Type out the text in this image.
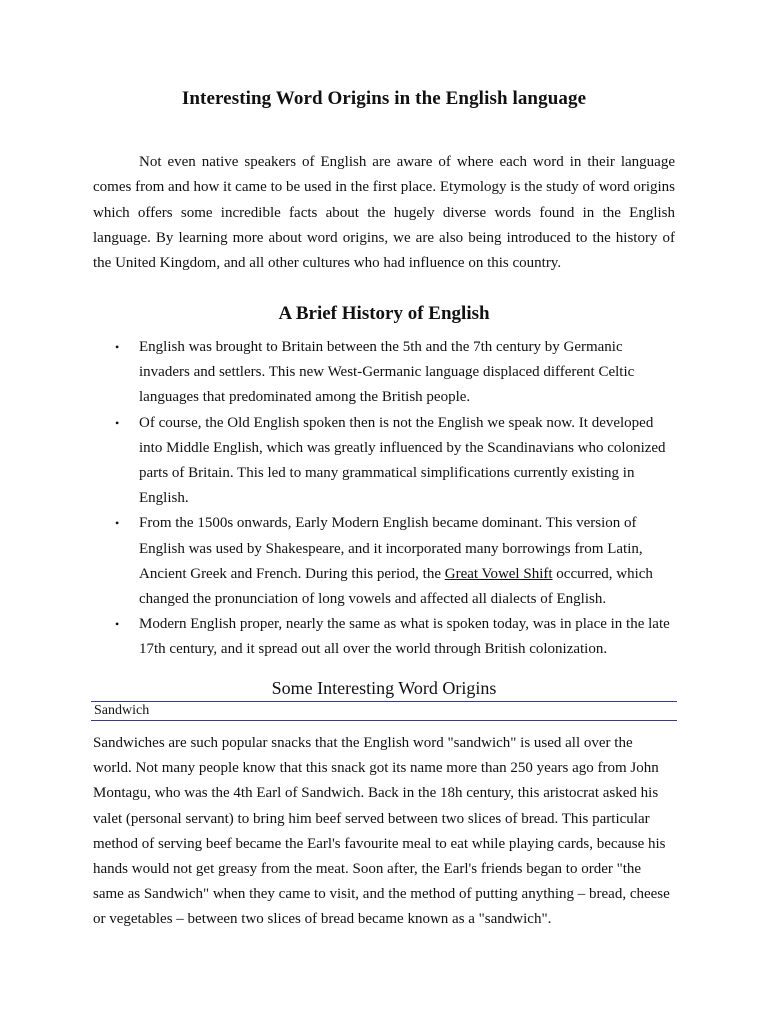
Interesting Word Origins in the English language

Not even native speakers of English are aware of where each word in their language comes from and how it came to be used in the first place. Etymology is the study of word origins which offers some incredible facts about the hugely diverse words found in the English language. By learning more about word origins, we are also being introduced to the history of the United Kingdom, and all other cultures who had influence on this country.

A Brief History of English
• English was brought to Britain between the 5th and the 7th century by Germanic invaders and settlers. This new West-Germanic language displaced different Celtic languages that predominated among the British people.
• Of course, the Old English spoken then is not the English we speak now. It developed into Middle English, which was greatly influenced by the Scandinavians who colonized parts of Britain. This led to many grammatical simplifications currently existing in English.
• From the 1500s onwards, Early Modern English became dominant. This version of English was used by Shakespeare, and it incorporated many borrowings from Latin, Ancient Greek and French. During this period, the Great Vowel Shift occurred, which changed the pronunciation of long vowels and affected all dialects of English.
• Modern English proper, nearly the same as what is spoken today, was in place in the late 17th century, and it spread out all over the world through British colonization.
Some Interesting Word Origins
Sandwich

Sandwiches are such popular snacks that the English word "sandwich" is used all over the world. Not many people know that this snack got its name more than 250 years ago from John Montagu, who was the 4th Earl of Sandwich. Back in the 18h century, this aristocrat asked his valet (personal servant) to bring him beef served between two slices of bread. This particular method of serving beef became the Earl's favourite meal to eat while playing cards, because his hands would not get greasy from the meat. Soon after, the Earl's friends began to order "the same as Sandwich" when they came to visit, and the method of putting anything – bread, cheese or vegetables – between two slices of bread became known as a "sandwich".
